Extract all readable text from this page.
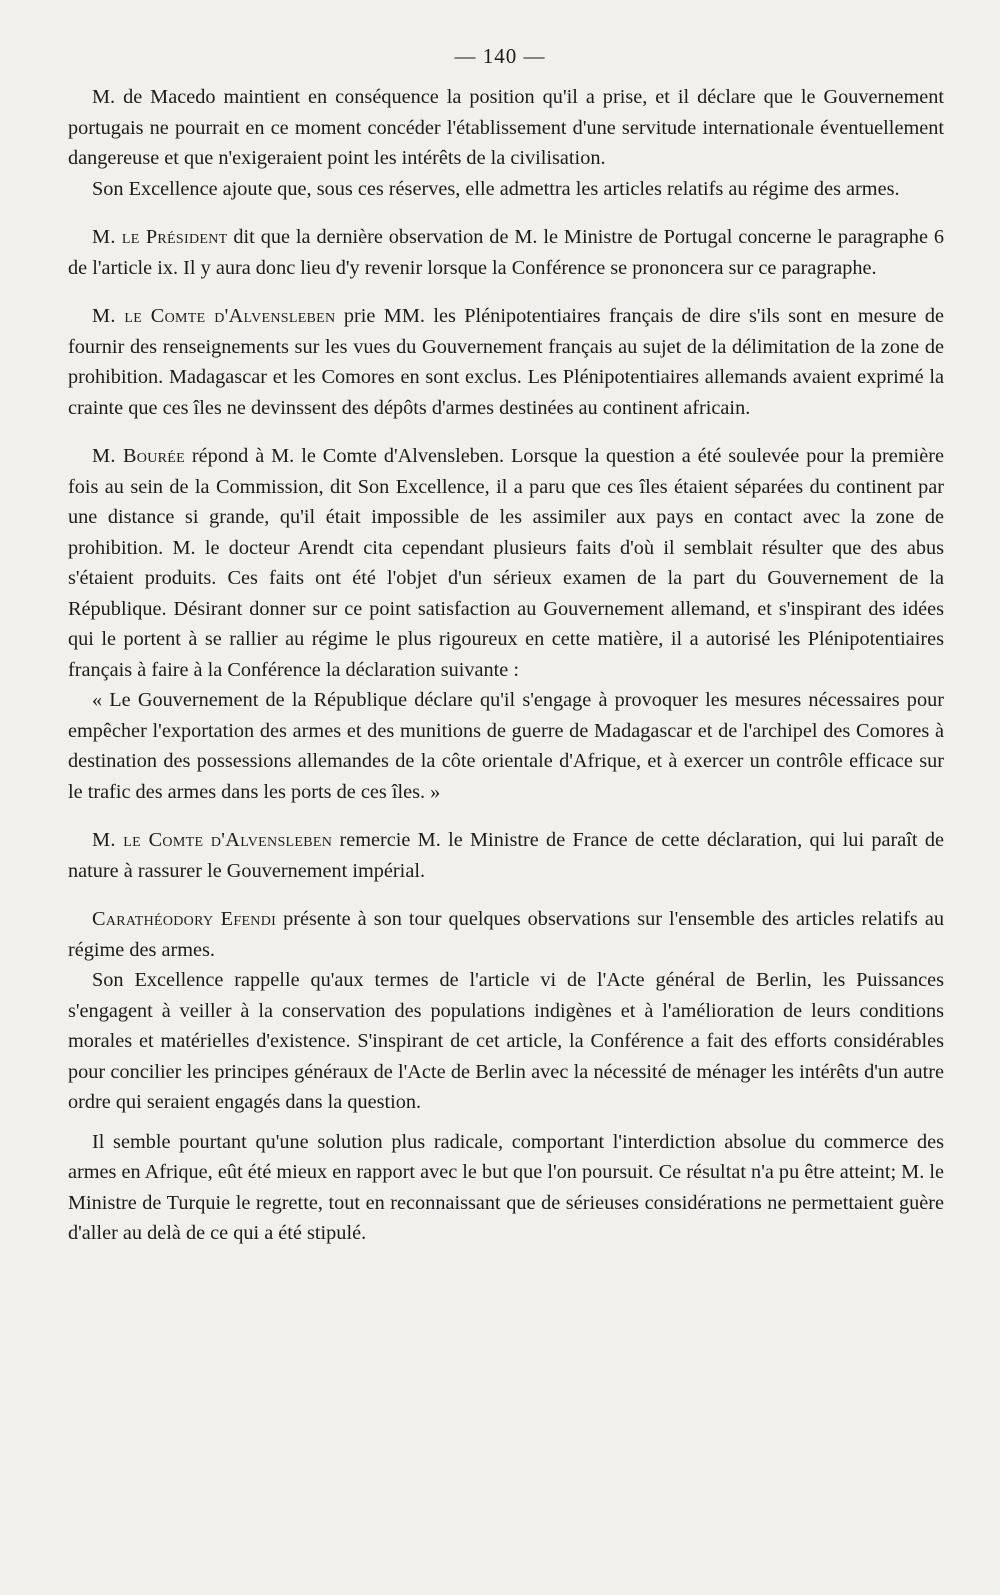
— 140 —

M. de Macedo maintient en conséquence la position qu'il a prise, et il déclare que le Gouvernement portugais ne pourrait en ce moment concéder l'établissement d'une servitude internationale éventuellement dangereuse et que n'exigeraient point les intérêts de la civilisation.

Son Excellence ajoute que, sous ces réserves, elle admettra les articles relatifs au régime des armes.

M. le Président dit que la dernière observation de M. le Ministre de Portugal concerne le paragraphe 6 de l'article ix. Il y aura donc lieu d'y revenir lorsque la Conférence se prononcera sur ce paragraphe.

M. le Comte d'Alvensleben prie MM. les Plénipotentiaires français de dire s'ils sont en mesure de fournir des renseignements sur les vues du Gouvernement français au sujet de la délimitation de la zone de prohibition. Madagascar et les Comores en sont exclus. Les Plénipotentiaires allemands avaient exprimé la crainte que ces îles ne devinssent des dépôts d'armes destinées au continent africain.

M. Bourée répond à M. le Comte d'Alvensleben. Lorsque la question a été soulevée pour la première fois au sein de la Commission, dit Son Excellence, il a paru que ces îles étaient séparées du continent par une distance si grande, qu'il était impossible de les assimiler aux pays en contact avec la zone de prohibition. M. le docteur Arendt cita cependant plusieurs faits d'où il semblait résulter que des abus s'étaient produits. Ces faits ont été l'objet d'un sérieux examen de la part du Gouvernement de la République. Désirant donner sur ce point satisfaction au Gouvernement allemand, et s'inspirant des idées qui le portent à se rallier au régime le plus rigoureux en cette matière, il a autorisé les Plénipotentiaires français à faire à la Conférence la déclaration suivante :

« Le Gouvernement de la République déclare qu'il s'engage à provoquer les mesures nécessaires pour empêcher l'exportation des armes et des munitions de guerre de Madagascar et de l'archipel des Comores à destination des possessions allemandes de la côte orientale d'Afrique, et à exercer un contrôle efficace sur le trafic des armes dans les ports de ces îles. »

M. le Comte d'Alvensleben remercie M. le Ministre de France de cette déclaration, qui lui paraît de nature à rassurer le Gouvernement impérial.

Carathéodory Efendi présente à son tour quelques observations sur l'ensemble des articles relatifs au régime des armes.

Son Excellence rappelle qu'aux termes de l'article vi de l'Acte général de Berlin, les Puissances s'engagent à veiller à la conservation des populations indigènes et à l'amélioration de leurs conditions morales et matérielles d'existence. S'inspirant de cet article, la Conférence a fait des efforts considérables pour concilier les principes généraux de l'Acte de Berlin avec la nécessité de ménager les intérêts d'un autre ordre qui seraient engagés dans la question.

Il semble pourtant qu'une solution plus radicale, comportant l'interdiction absolue du commerce des armes en Afrique, eût été mieux en rapport avec le but que l'on poursuit. Ce résultat n'a pu être atteint; M. le Ministre de Turquie le regrette, tout en reconnaissant que de sérieuses considérations ne permettaient guère d'aller au delà de ce qui a été stipulé.
